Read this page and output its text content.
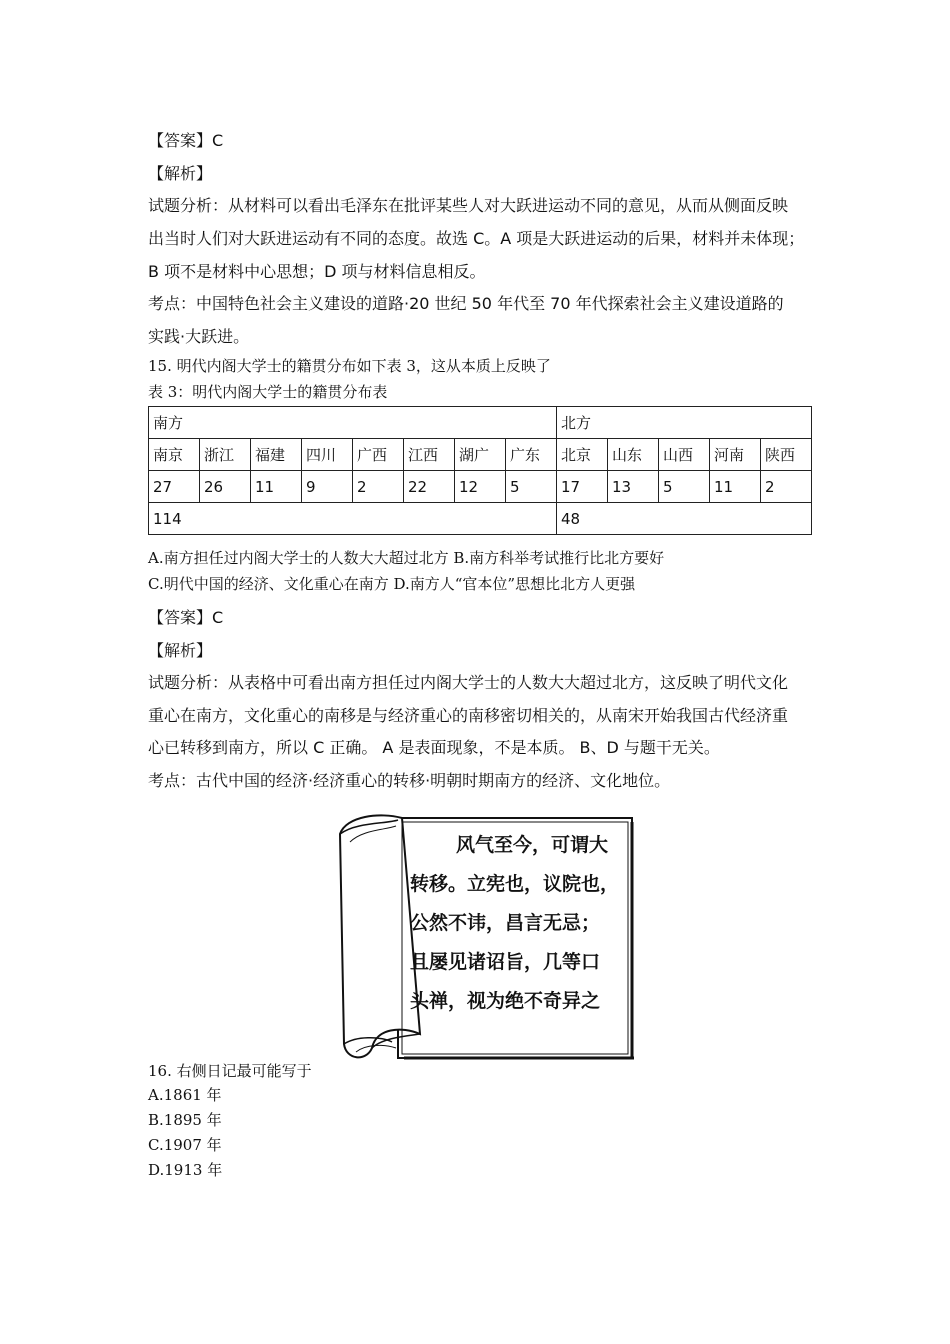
【答案】C
【解析】
试题分析：从材料可以看出毛泽东在批评某些人对大跃进运动不同的意见，从而从侧面反映
出当时人们对大跃进运动有不同的态度。故选 C。A 项是大跃进运动的后果，材料并未体现；
B 项不是材料中心思想；D 项与材料信息相反。
考点：中国特色社会主义建设的道路·20 世纪 50 年代至 70 年代探索社会主义建设道路的
实践·大跃进。
15. 明代内阁大学士的籍贯分布如下表 3，这从本质上反映了
表 3：明代内阁大学士的籍贯分布表
南方								北方				
南京	浙江	福建	四川	广西	江西	湖广	广东	北京	山东	山西	河南	陕西
27	26	11	9	2	22	12	5	17	13	5	11	2
114								48				
A.南方担任过内阁大学士的人数大大超过北方 B.南方科举考试推行比北方要好
C.明代中国的经济、文化重心在南方 D.南方人“官本位”思想比北方人更强
【答案】C
【解析】
试题分析：从表格中可看出南方担任过内阁大学士的人数大大超过北方，这反映了明代文化
重心在南方，文化重心的南移是与经济重心的南移密切相关的，从南宋开始我国古代经济重
心已转移到南方，所以 C 正确。 A 是表面现象，不是本质。 B、D 与题干无关。
考点：古代中国的经济·经济重心的转移·明朝时期南方的经济、文化地位。
风气至今，可谓大
转移。立宪也，议院也，
公然不讳，昌言无忌；
且屡见诸诏旨，几等口
头禅，视为绝不奇异之
16. 右侧日记最可能写于
A.1861 年
B.1895 年
C.1907 年
D.1913 年
